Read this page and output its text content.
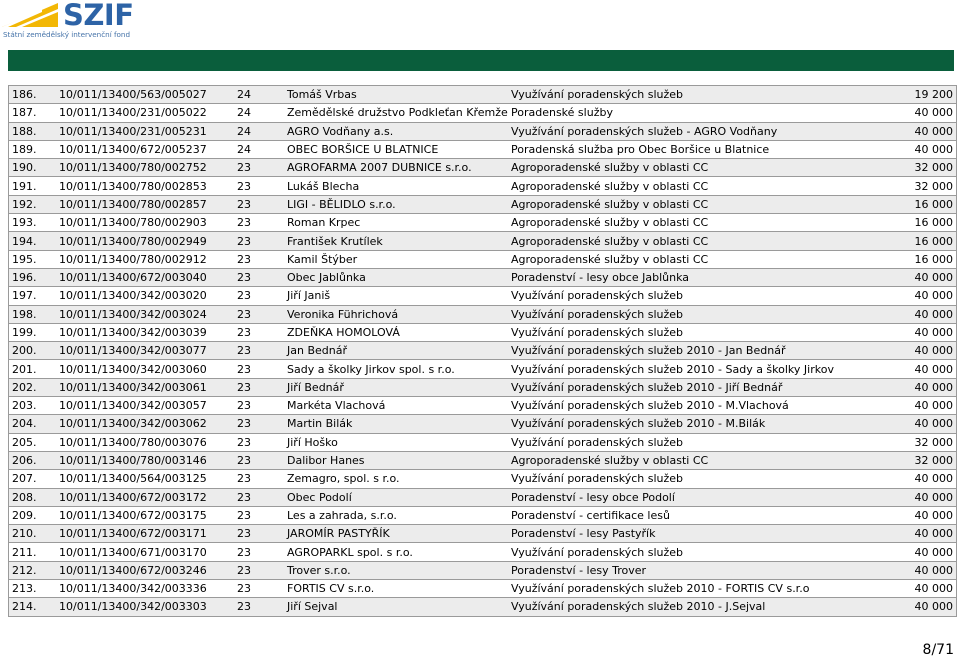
SZIF
Státní zemědělský intervenční fond
186.	10/011/13400/563/005027	24	Tomáš Vrbas	Využívání poradenských služeb	19 200
187.	10/011/13400/231/005022	24	Zemědělské družstvo Podkleťan Křemže	Poradenské služby	40 000
188.	10/011/13400/231/005231	24	AGRO Vodňany a.s.	Využívání poradenských služeb - AGRO Vodňany	40 000
189.	10/011/13400/672/005237	24	OBEC BORŠICE U BLATNICE	Poradenská služba pro Obec Boršice u Blatnice	40 000
190.	10/011/13400/780/002752	23	AGROFARMA 2007 DUBNICE s.r.o.	Agroporadenské služby v oblasti CC	32 000
191.	10/011/13400/780/002853	23	Lukáš Blecha	Agroporadenské služby v oblasti CC	32 000
192.	10/011/13400/780/002857	23	LIGI - BĚLIDLO s.r.o.	Agroporadenské služby v oblasti CC	16 000
193.	10/011/13400/780/002903	23	Roman Krpec	Agroporadenské služby v oblasti CC	16 000
194.	10/011/13400/780/002949	23	František Krutílek	Agroporadenské služby v oblasti CC	16 000
195.	10/011/13400/780/002912	23	Kamil Štýber	Agroporadenské služby v oblasti CC	16 000
196.	10/011/13400/672/003040	23	Obec Jablůnka	Poradenství - lesy obce Jablůnka	40 000
197.	10/011/13400/342/003020	23	Jiří Janiš	Využívání poradenských služeb	40 000
198.	10/011/13400/342/003024	23	Veronika Führichová	Využívání poradenských služeb	40 000
199.	10/011/13400/342/003039	23	ZDEŇKA HOMOLOVÁ	Využívání poradenských služeb	40 000
200.	10/011/13400/342/003077	23	Jan Bednář	Využívání poradenských služeb 2010 - Jan Bednář	40 000
201.	10/011/13400/342/003060	23	Sady a školky Jirkov spol. s r.o.	Využívání poradenských služeb 2010 - Sady a školky Jirkov	40 000
202.	10/011/13400/342/003061	23	Jiří Bednář	Využívání poradenských služeb 2010 - Jiří Bednář	40 000
203.	10/011/13400/342/003057	23	Markéta Vlachová	Využívání poradenských služeb 2010 - M.Vlachová	40 000
204.	10/011/13400/342/003062	23	Martin Bilák	Využívání poradenských služeb 2010 - M.Bilák	40 000
205.	10/011/13400/780/003076	23	Jiří Hoško	Využívání poradenských služeb	32 000
206.	10/011/13400/780/003146	23	Dalibor Hanes	Agroporadenské služby v oblasti CC	32 000
207.	10/011/13400/564/003125	23	Zemagro, spol. s r.o.	Využívání poradenských služeb	40 000
208.	10/011/13400/672/003172	23	Obec Podolí	Poradenství - lesy obce Podolí	40 000
209.	10/011/13400/672/003175	23	Les a zahrada, s.r.o.	Poradenství - certifikace lesů	40 000
210.	10/011/13400/672/003171	23	JAROMÍR PASTYŘÍK	Poradenství - lesy Pastyřík	40 000
211.	10/011/13400/671/003170	23	AGROPARKL spol. s r.o.	Využívání poradenských služeb	40 000
212.	10/011/13400/672/003246	23	Trover s.r.o.	Poradenství - lesy Trover	40 000
213.	10/011/13400/342/003336	23	FORTIS CV s.r.o.	Využívání poradenských služeb 2010 - FORTIS CV s.r.o	40 000
214.	10/011/13400/342/003303	23	Jiří Sejval	Využívání poradenských služeb 2010 - J.Sejval	40 000
8/71
